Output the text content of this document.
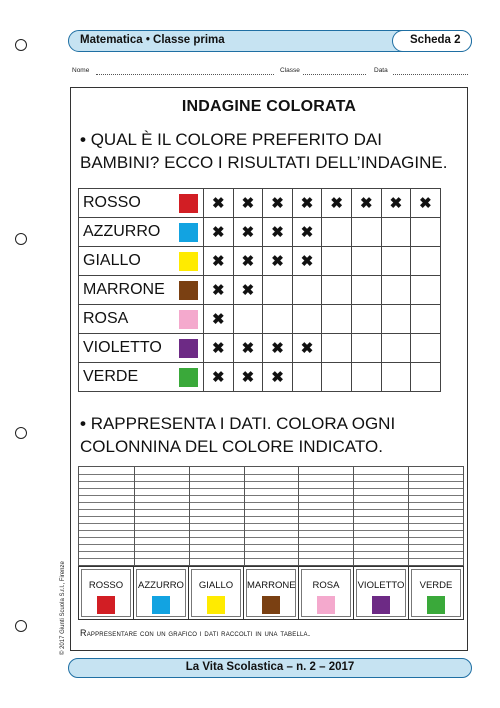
Matematica • Classe prima	Scheda 2
Nome	Classe	Data
INDAGINE COLORATA
• QUAL È IL COLORE PREFERITO DAI BAMBINI? ECCO I RISULTATI DELL’INDAGINE.
ROSSO		✖	✖	✖	✖	✖	✖	✖	✖
AZZURRO		✖	✖	✖	✖				
GIALLO		✖	✖	✖	✖				
MARRONE		✖	✖						
ROSA		✖							
VIOLETTO		✖	✖	✖	✖				
VERDE		✖	✖	✖					
• RAPPRESENTA I DATI. COLORA OGNI COLONNINA DEL COLORE INDICATO.
ROSSO	AZZURRO	GIALLO	MARRONE	ROSA	VIOLETTO	VERDE
Rappresentare con un grafico i dati raccolti in una tabella.
© 2017 Giunti Scuola S.r.l., Firenze
La Vita Scolastica – n. 2 – 2017
